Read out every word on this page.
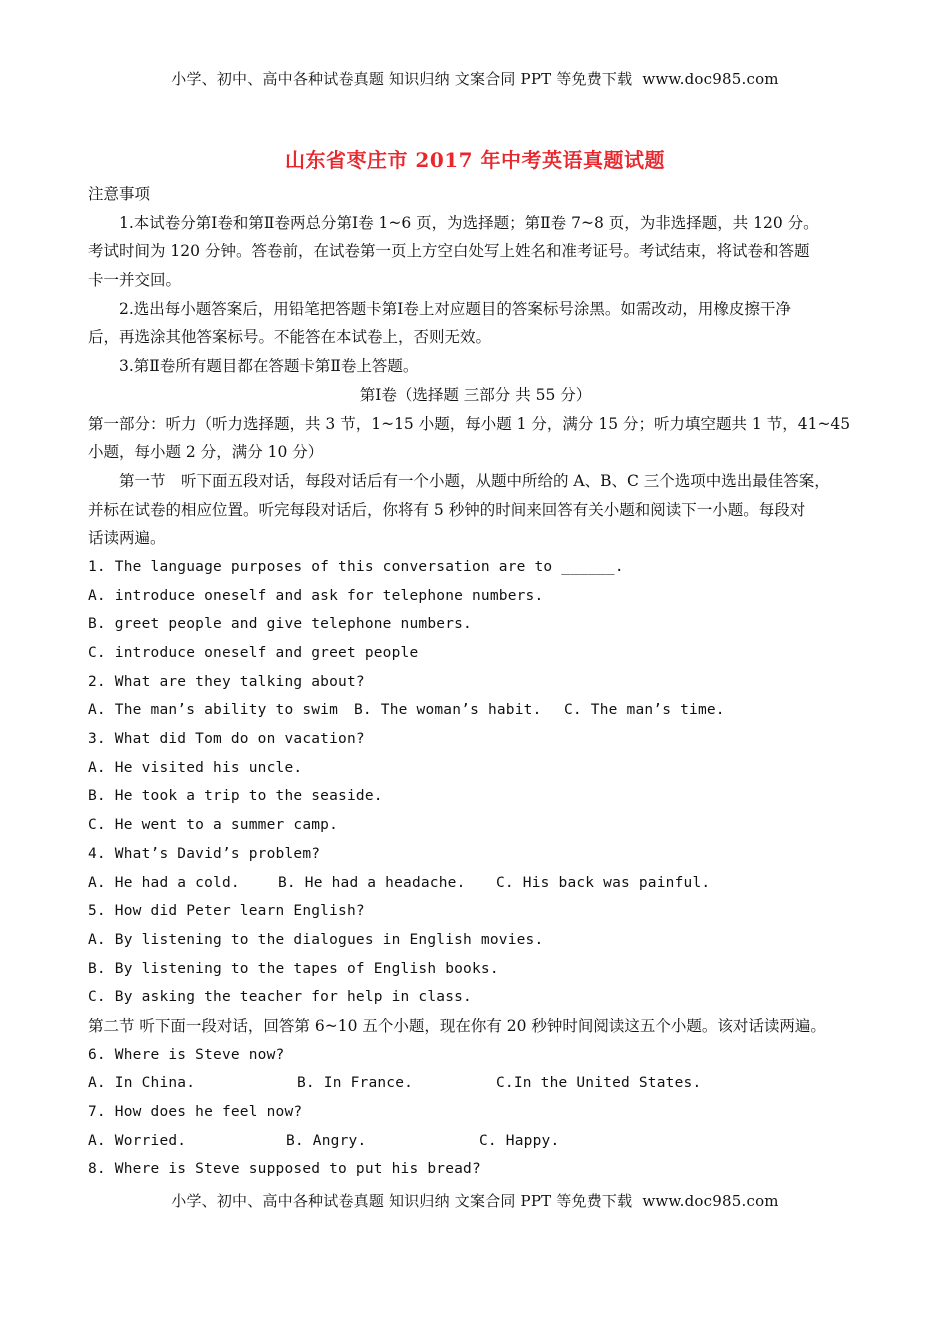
小学、初中、高中各种试卷真题 知识归纳 文案合同 PPT 等免费下载 www.doc985.com
山东省枣庄市 2017 年中考英语真题试题
注意事项
1.本试卷分第Ⅰ卷和第Ⅱ卷两总分第Ⅰ卷 1~6 页，为选择题；第Ⅱ卷 7~8 页，为非选择题，共 120 分。
考试时间为 120 分钟。答卷前，在试卷第一页上方空白处写上姓名和准考证号。考试结束，将试卷和答题
卡一并交回。
2.选出每小题答案后，用铅笔把答题卡第Ⅰ卷上对应题目的答案标号涂黑。如需改动，用橡皮擦干净
后，再选涂其他答案标号。不能答在本试卷上，否则无效。
3.第Ⅱ卷所有题目都在答题卡第Ⅱ卷上答题。
第Ⅰ卷（选择题 三部分 共 55 分）
第一部分：听力（听力选择题，共 3 节，1~15 小题，每小题 1 分，满分 15 分；听力填空题共 1 节，41~45
小题，每小题 2 分，满分 10 分）
第一节　听下面五段对话，每段对话后有一个小题，从题中所给的 A、B、C 三个选项中选出最佳答案，
并标在试卷的相应位置。听完每段对话后，你将有 5 秒钟的时间来回答有关小题和阅读下一小题。每段对
话读两遍。
1. The language purposes of this conversation are to ______.
A. introduce oneself and ask for telephone numbers.
B. greet people and give telephone numbers.
C. introduce oneself and greet people
2. What are they talking about?
A. The man’s ability to swim B. The woman’s habit. C. The man’s time.
3. What did Tom do on vacation?
A. He visited his uncle.
B. He took a trip to the seaside.
C. He went to a summer camp.
4. What’s David’s problem?
A. He had a cold.	B. He had a headache. C. His back was painful.
5. How did Peter learn English?
A. By listening to the dialogues in English movies.
B. By listening to the tapes of English books.
C. By asking the teacher for help in class.
第二节 听下面一段对话，回答第 6~10 五个小题，现在你有 20 秒钟时间阅读这五个小题。该对话读两遍。
6. Where is Steve now?
A. In China.	B. In France.	C.In the United States.
7. How does he feel now?
A. Worried.	B. Angry.	C. Happy.
8. Where is Steve supposed to put his bread?
小学、初中、高中各种试卷真题 知识归纳 文案合同 PPT 等免费下载 www.doc985.com
